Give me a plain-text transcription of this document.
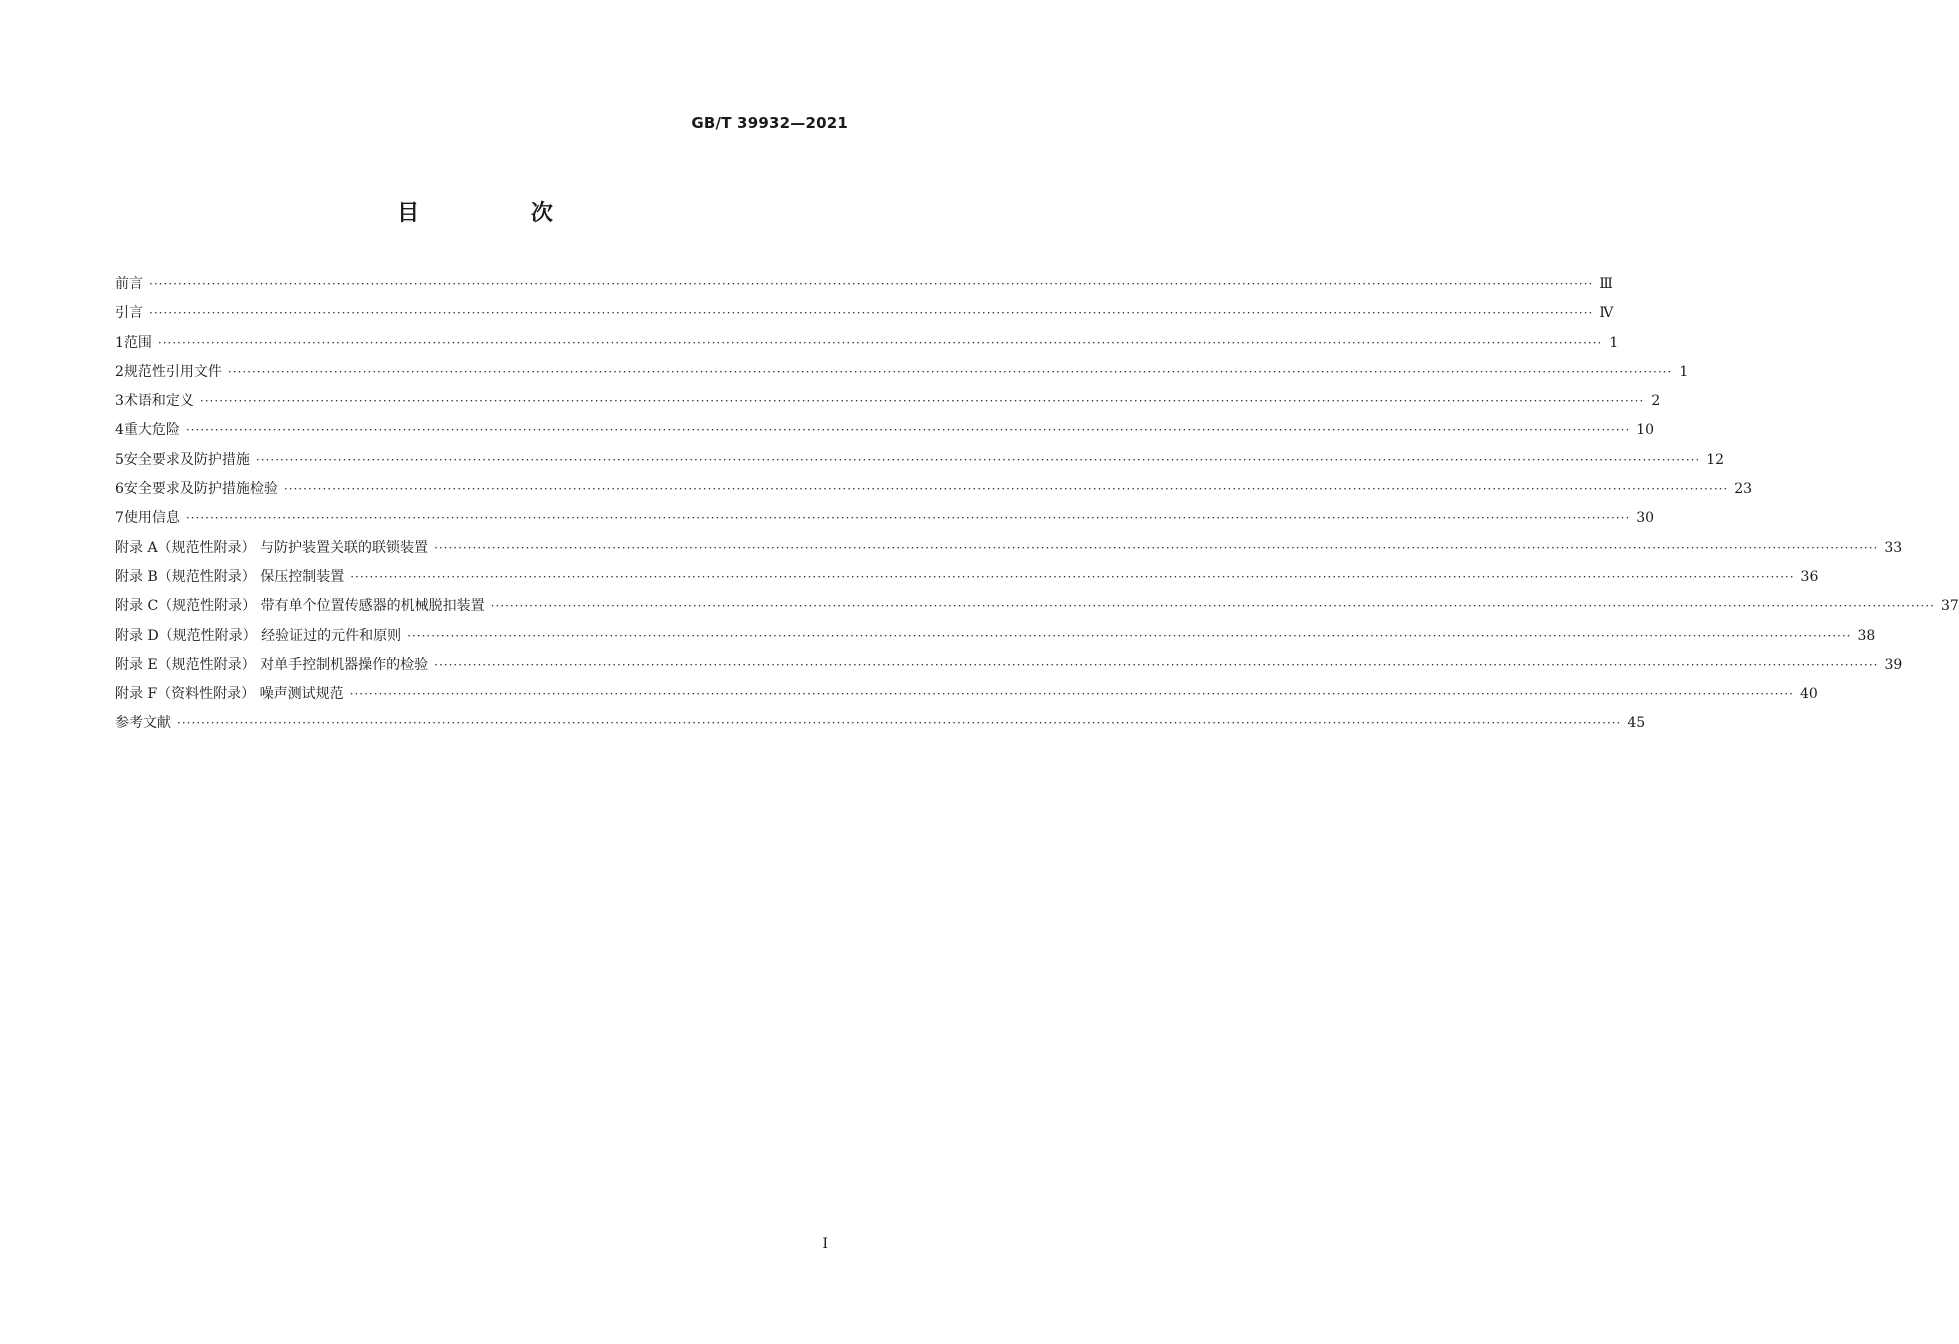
GB/T 39932—2021
目 次
前言 ············································································································································································································································································································ Ⅲ
引言 ············································································································································································································································································································ Ⅳ
1 范围 ············································································································································································································································································································ 1
2 规范性引用文件 ············································································································································································································································································································ 1
3 术语和定义 ············································································································································································································································································································ 2
4 重大危险 ············································································································································································································································································································ 10
5 安全要求及防护措施 ············································································································································································································································································································ 12
6 安全要求及防护措施检验 ············································································································································································································································································································ 23
7 使用信息 ············································································································································································································································································································ 30
附录 A（规范性附录） 与防护装置关联的联锁装置 ············································································································································································································································································································ 33
附录 B（规范性附录） 保压控制装置 ············································································································································································································································································································ 36
附录 C（规范性附录） 带有单个位置传感器的机械脱扣装置 ············································································································································································································································································································ 37
附录 D（规范性附录） 经验证过的元件和原则 ············································································································································································································································································································ 38
附录 E（规范性附录） 对单手控制机器操作的检验 ············································································································································································································································································································ 39
附录 F（资料性附录） 噪声测试规范 ············································································································································································································································································································ 40
参考文献 ············································································································································································································································································································ 45
I
